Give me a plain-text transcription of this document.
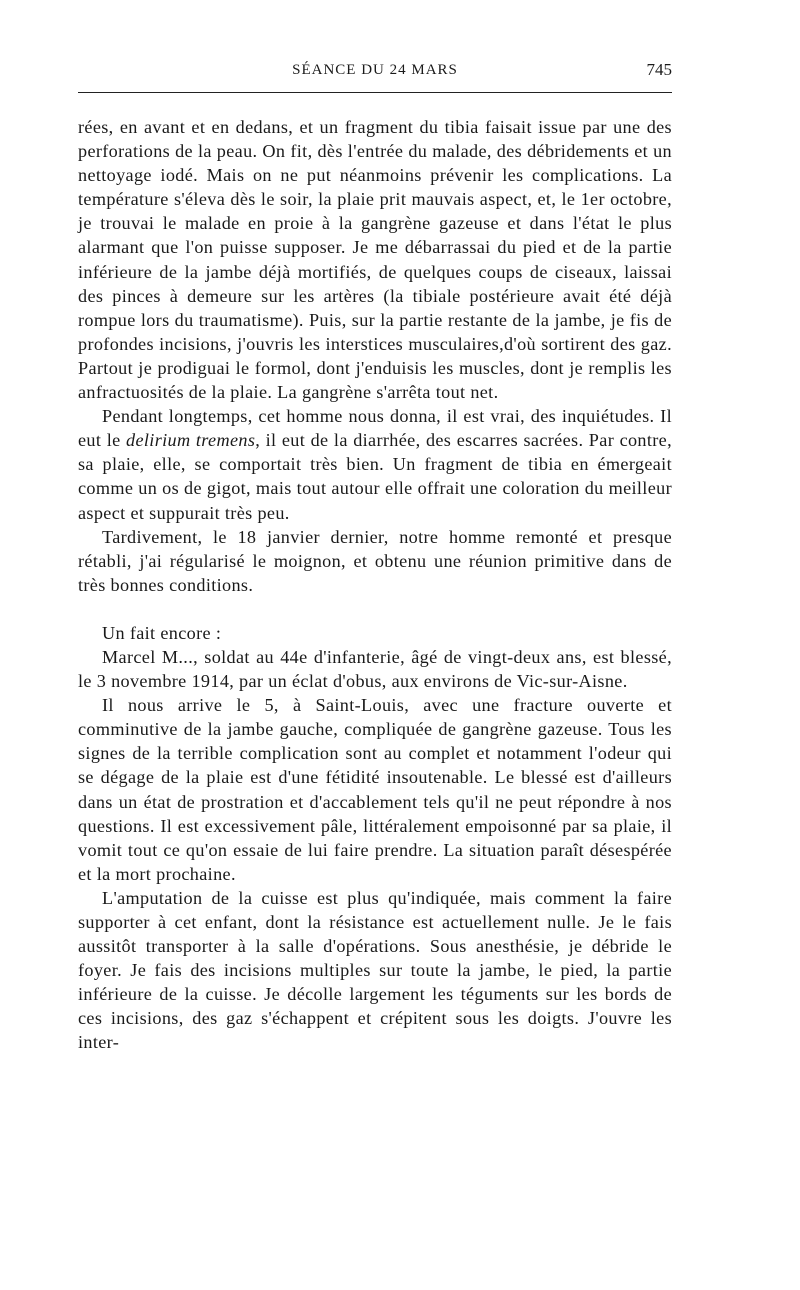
SÉANCE DU 24 MARS	745

rées, en avant et en dedans, et un fragment du tibia faisait issue par une des perforations de la peau. On fit, dès l'entrée du malade, des débridements et un nettoyage iodé. Mais on ne put néanmoins prévenir les complications. La température s'éleva dès le soir, la plaie prit mauvais aspect, et, le 1er octobre, je trouvai le malade en proie à la gangrène gazeuse et dans l'état le plus alarmant que l'on puisse supposer. Je me débarrassai du pied et de la partie inférieure de la jambe déjà mortifiés, de quelques coups de ciseaux, laissai des pinces à demeure sur les artères (la tibiale postérieure avait été déjà rompue lors du traumatisme). Puis, sur la partie restante de la jambe, je fis de profondes incisions, j'ouvris les interstices musculaires,d'où sortirent des gaz. Partout je prodiguai le formol, dont j'enduisis les muscles, dont je remplis les anfractuosités de la plaie. La gangrène s'arrêta tout net.

Pendant longtemps, cet homme nous donna, il est vrai, des inquiétudes. Il eut le delirium tremens, il eut de la diarrhée, des escarres sacrées. Par contre, sa plaie, elle, se comportait très bien. Un fragment de tibia en émergeait comme un os de gigot, mais tout autour elle offrait une coloration du meilleur aspect et suppurait très peu.

Tardivement, le 18 janvier dernier, notre homme remonté et presque rétabli, j'ai régularisé le moignon, et obtenu une réunion primitive dans de très bonnes conditions.

Un fait encore :

Marcel M..., soldat au 44e d'infanterie, âgé de vingt-deux ans, est blessé, le 3 novembre 1914, par un éclat d'obus, aux environs de Vic-sur-Aisne.

Il nous arrive le 5, à Saint-Louis, avec une fracture ouverte et comminutive de la jambe gauche, compliquée de gangrène gazeuse. Tous les signes de la terrible complication sont au complet et notamment l'odeur qui se dégage de la plaie est d'une fétidité insoutenable. Le blessé est d'ailleurs dans un état de prostration et d'accablement tels qu'il ne peut répondre à nos questions. Il est excessivement pâle, littéralement empoisonné par sa plaie, il vomit tout ce qu'on essaie de lui faire prendre. La situation paraît désespérée et la mort prochaine.

L'amputation de la cuisse est plus qu'indiquée, mais comment la faire supporter à cet enfant, dont la résistance est actuellement nulle. Je le fais aussitôt transporter à la salle d'opérations. Sous anesthésie, je débride le foyer. Je fais des incisions multiples sur toute la jambe, le pied, la partie inférieure de la cuisse. Je décolle largement les téguments sur les bords de ces incisions, des gaz s'échappent et crépitent sous les doigts. J'ouvre les inter-
